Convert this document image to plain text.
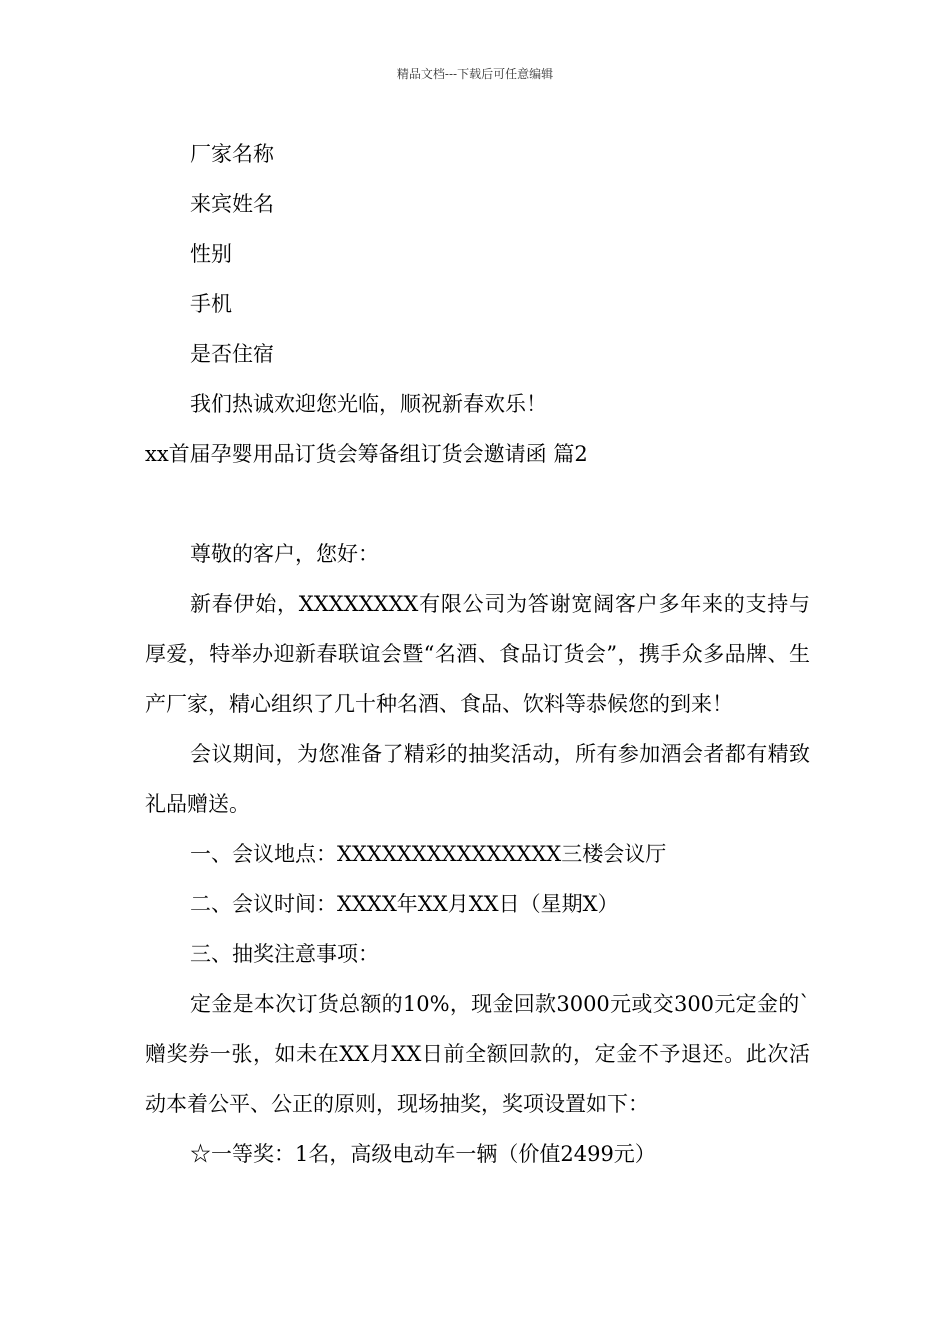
精品文档---下载后可任意编辑

厂家名称

来宾姓名

性别

手机

是否住宿

我们热诚欢迎您光临，顺祝新春欢乐！

xx首届孕婴用品订货会筹备组订货会邀请函 篇2

尊敬的客户，您好：

新春伊始，XXXXXXXX有限公司为答谢宽阔客户多年来的支持与厚爱，特举办迎新春联谊会暨“名酒、食品订货会”，携手众多品牌、生产厂家，精心组织了几十种名酒、食品、饮料等恭候您的到来！

会议期间，为您准备了精彩的抽奖活动，所有参加酒会者都有精致礼品赠送。

一、会议地点：XXXXXXXXXXXXXXX三楼会议厅

二、会议时间：XXXX年XX月XX日（星期X）

三、抽奖注意事项：

定金是本次订货总额的10%，现金回款3000元或交300元定金的`赠奖券一张，如未在XX月XX日前全额回款的，定金不予退还。此次活动本着公平、公正的原则，现场抽奖，奖项设置如下：

☆一等奖：1名，高级电动车一辆（价值2499元）
